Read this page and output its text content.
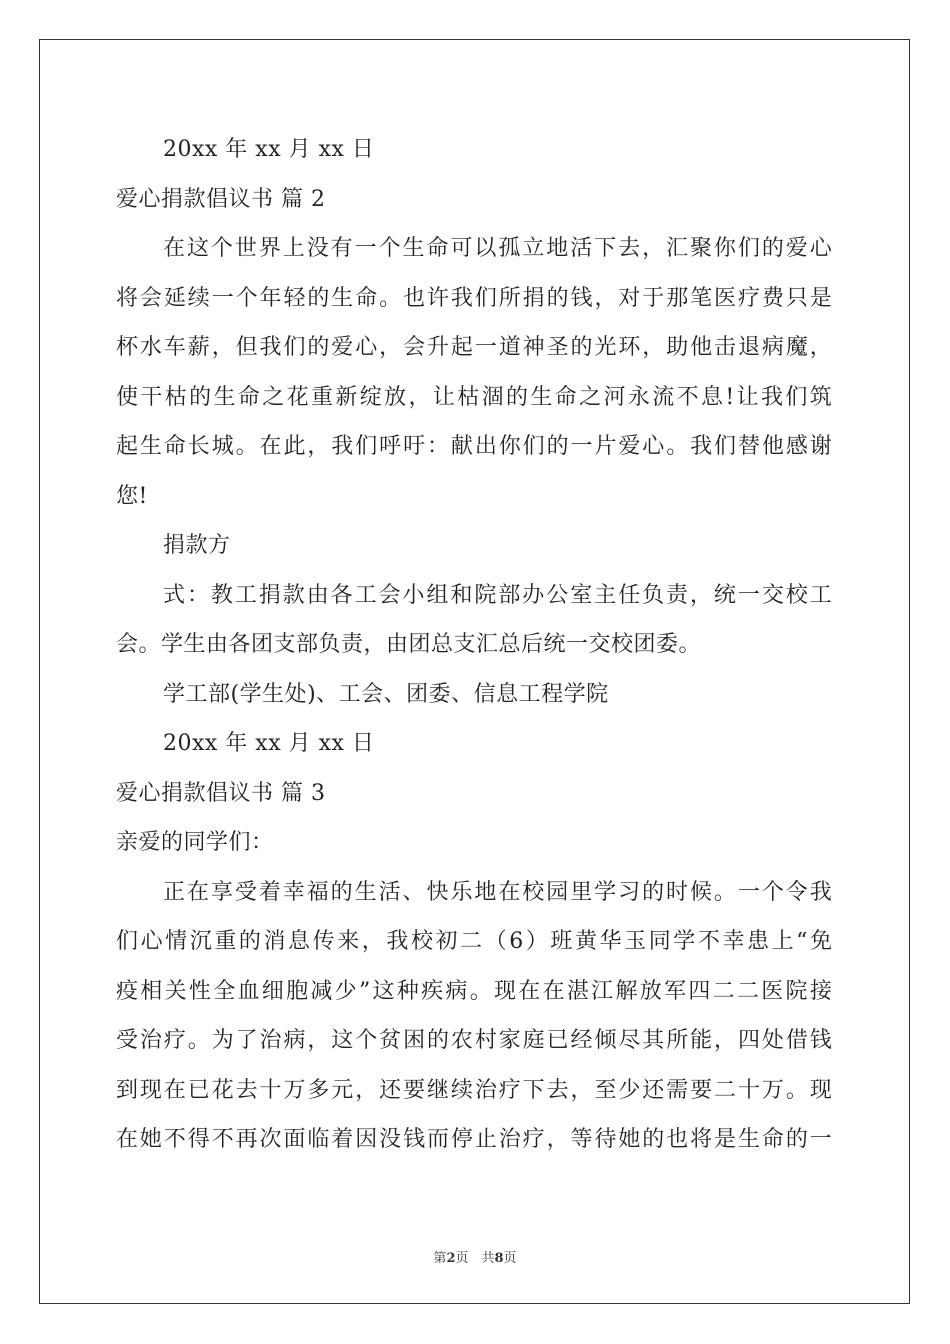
20xx 年 xx 月 xx 日
爱心捐款倡议书 篇 2
在 这 个 世 界 上 没 有 一 个 生 命 可 以 孤 立 地 活 下 去 ， 汇 聚 你 们 的 爱 心
将 会 延 续 一 个 年 轻 的 生 命 。 也 许 我 们 所 捐 的 钱 ， 对 于 那 笔 医 疗 费 只 是
杯 水 车 薪 ， 但 我 们 的 爱 心 ， 会 升 起 一 道 神 圣 的 光 环 ， 助 他 击 退 病 魔 ，
使 干 枯 的 生 命 之 花 重 新 绽 放 ， 让 枯 涸 的 生 命 之 河 永 流 不 息 ! 让 我 们 筑
起 生 命 长 城 。 在 此 ， 我 们 呼 吁 ： 献 出 你 们 的 一 片 爱 心 。 我 们 替 他 感 谢
您!
捐款方
式 ： 教 工 捐 款 由 各 工 会 小 组 和 院 部 办 公 室 主 任 负 责 ， 统 一 交 校 工
会。学生由各团支部负责，由团总支汇总后统一交校团委。
学工部(学生处)、工会、团委、信息工程学院
20xx 年 xx 月 xx 日
爱心捐款倡议书 篇 3
亲爱的同学们：
正 在 享 受 着 幸 福 的 生 活 、 快 乐 地 在 校 园 里 学 习 的 时 候 。 一 个 令 我
们 心 情 沉 重 的 消 息 传 来 ， 我 校 初 二 （ 6 ） 班 黄 华 玉 同 学 不 幸 患 上 “ 免
疫 相 关 性 全 血 细 胞 减 少 ” 这 种 疾 病 。 现 在 在 湛 江 解 放 军 四 二 二 医 院 接
受 治 疗 。 为 了 治 病 ， 这 个 贫 困 的 农 村 家 庭 已 经 倾 尽 其 所 能 ， 四 处 借 钱
到 现 在 已 花 去 十 万 多 元 ， 还 要 继 续 治 疗 下 去 ， 至 少 还 需 要 二 十 万 。 现
在 她 不 得 不 再 次 面 临 着 因 没 钱 而 停 止 治 疗 ， 等 待 她 的 也 将 是 生 命 的 一
第2页　共8页
